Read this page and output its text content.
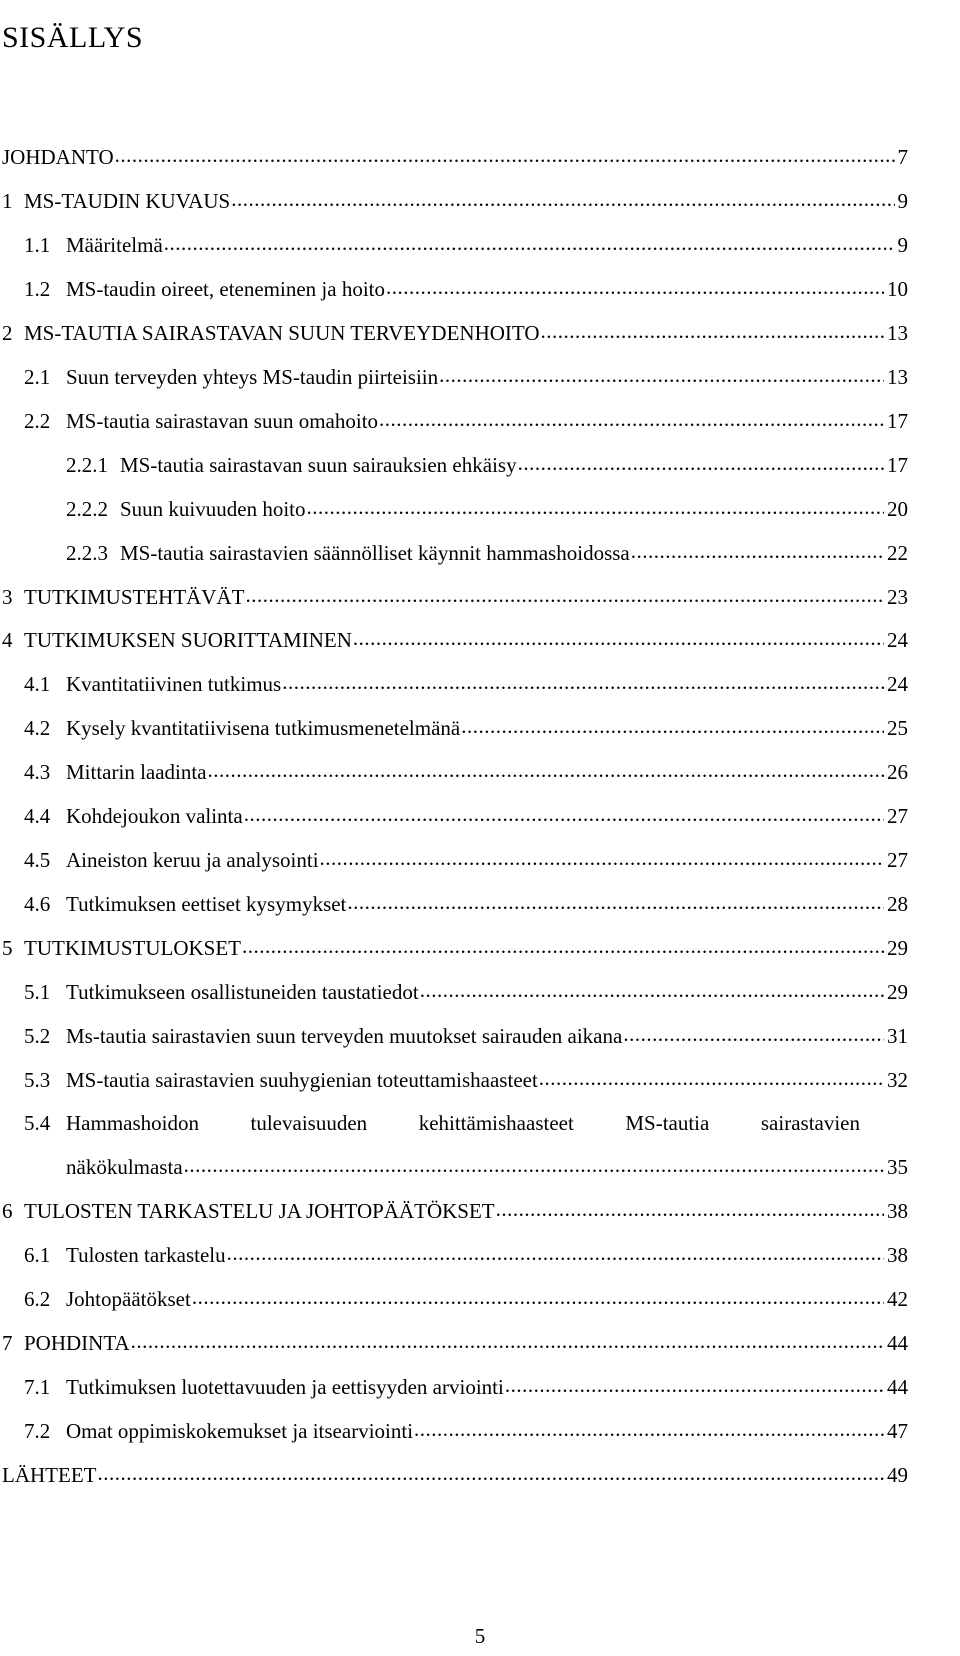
SISÄLLYS
JOHDANTO .....	7
1 MS-TAUDIN KUVAUS .....	9
1.1 Määritelmä .....	9
1.2 MS-taudin oireet, eteneminen ja hoito .....	10
2 MS-TAUTIA SAIRASTAVAN SUUN TERVEYDENHOITO .....	13
2.1 Suun terveyden yhteys MS-taudin piirteisiin .....	13
2.2 MS-tautia sairastavan suun omahoito .....	17
2.2.1 MS-tautia sairastavan suun sairauksien ehkäisy .....	17
2.2.2 Suun kuivuuden hoito .....	20
2.2.3 MS-tautia sairastavien säännölliset käynnit hammashoidossa .....	22
3 TUTKIMUSTEHTÄVÄT .....	23
4 TUTKIMUKSEN SUORITTAMINEN .....	24
4.1 Kvantitatiivinen tutkimus .....	24
4.2 Kysely kvantitatiivisena tutkimusmenetelmänä .....	25
4.3 Mittarin laadinta .....	26
4.4 Kohdejoukon valinta .....	27
4.5 Aineiston keruu ja analysointi .....	27
4.6 Tutkimuksen eettiset kysymykset .....	28
5 TUTKIMUSTULOKSET .....	29
5.1 Tutkimukseen osallistuneiden taustatiedot .....	29
5.2 Ms-tautia sairastavien suun terveyden muutokset sairauden aikana .....	31
5.3 MS-tautia sairastavien suuhygienian toteuttamishaasteet .....	32
5.4 Hammashoidon tulevaisuuden kehittämishaasteet MS-tautia sairastavien
näkökulmasta .....	35
6 TULOSTEN TARKASTELU JA JOHTOPÄÄTÖKSET .....	38
6.1 Tulosten tarkastelu .....	38
6.2 Johtopäätökset .....	42
7 POHDINTA .....	44
7.1 Tutkimuksen luotettavuuden ja eettisyyden arviointi .....	44
7.2 Omat oppimiskokemukset ja itsearviointi .....	47
LÄHTEET .....	49
5
